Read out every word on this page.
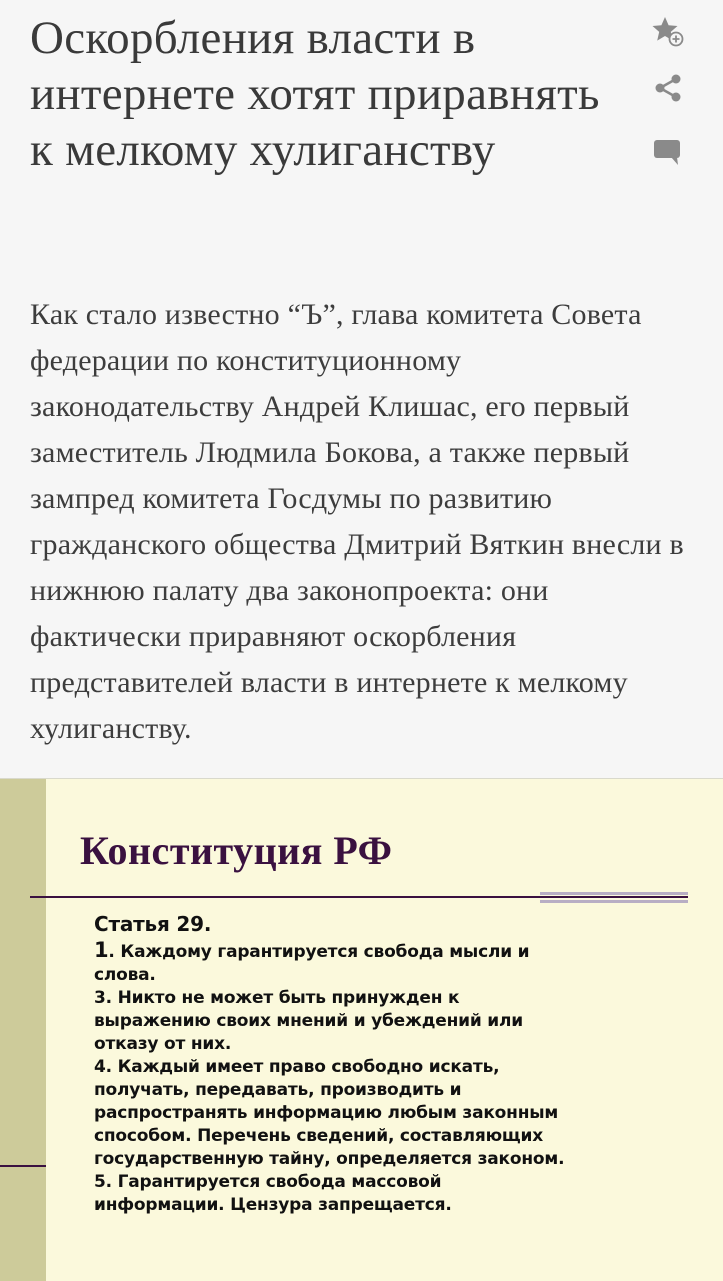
Оскорбления власти в интернете хотят приравнять к мелкому хулиганству

Как стало известно “Ъ”, глава комитета Совета федерации по конституционному законодательству Андрей Клишас, его первый заместитель Людмила Бокова, а также первый зампред комитета Госдумы по развитию гражданского общества Дмитрий Вяткин внесли в нижнюю палату два законопроекта: они фактически приравняют оскорбления представителей власти в интернете к мелкому хулиганству.

Конституция РФ
Статья 29.
1. Каждому гарантируется свобода мысли и
слова.
3. Никто не может быть принужден к
выражению своих мнений и убеждений или
отказу от них.
4. Каждый имеет право свободно искать,
получать, передавать, производить и
распространять информацию любым законным
способом. Перечень сведений, составляющих
государственную тайну, определяется законом.
5. Гарантируется свобода массовой
информации. Цензура запрещается.
